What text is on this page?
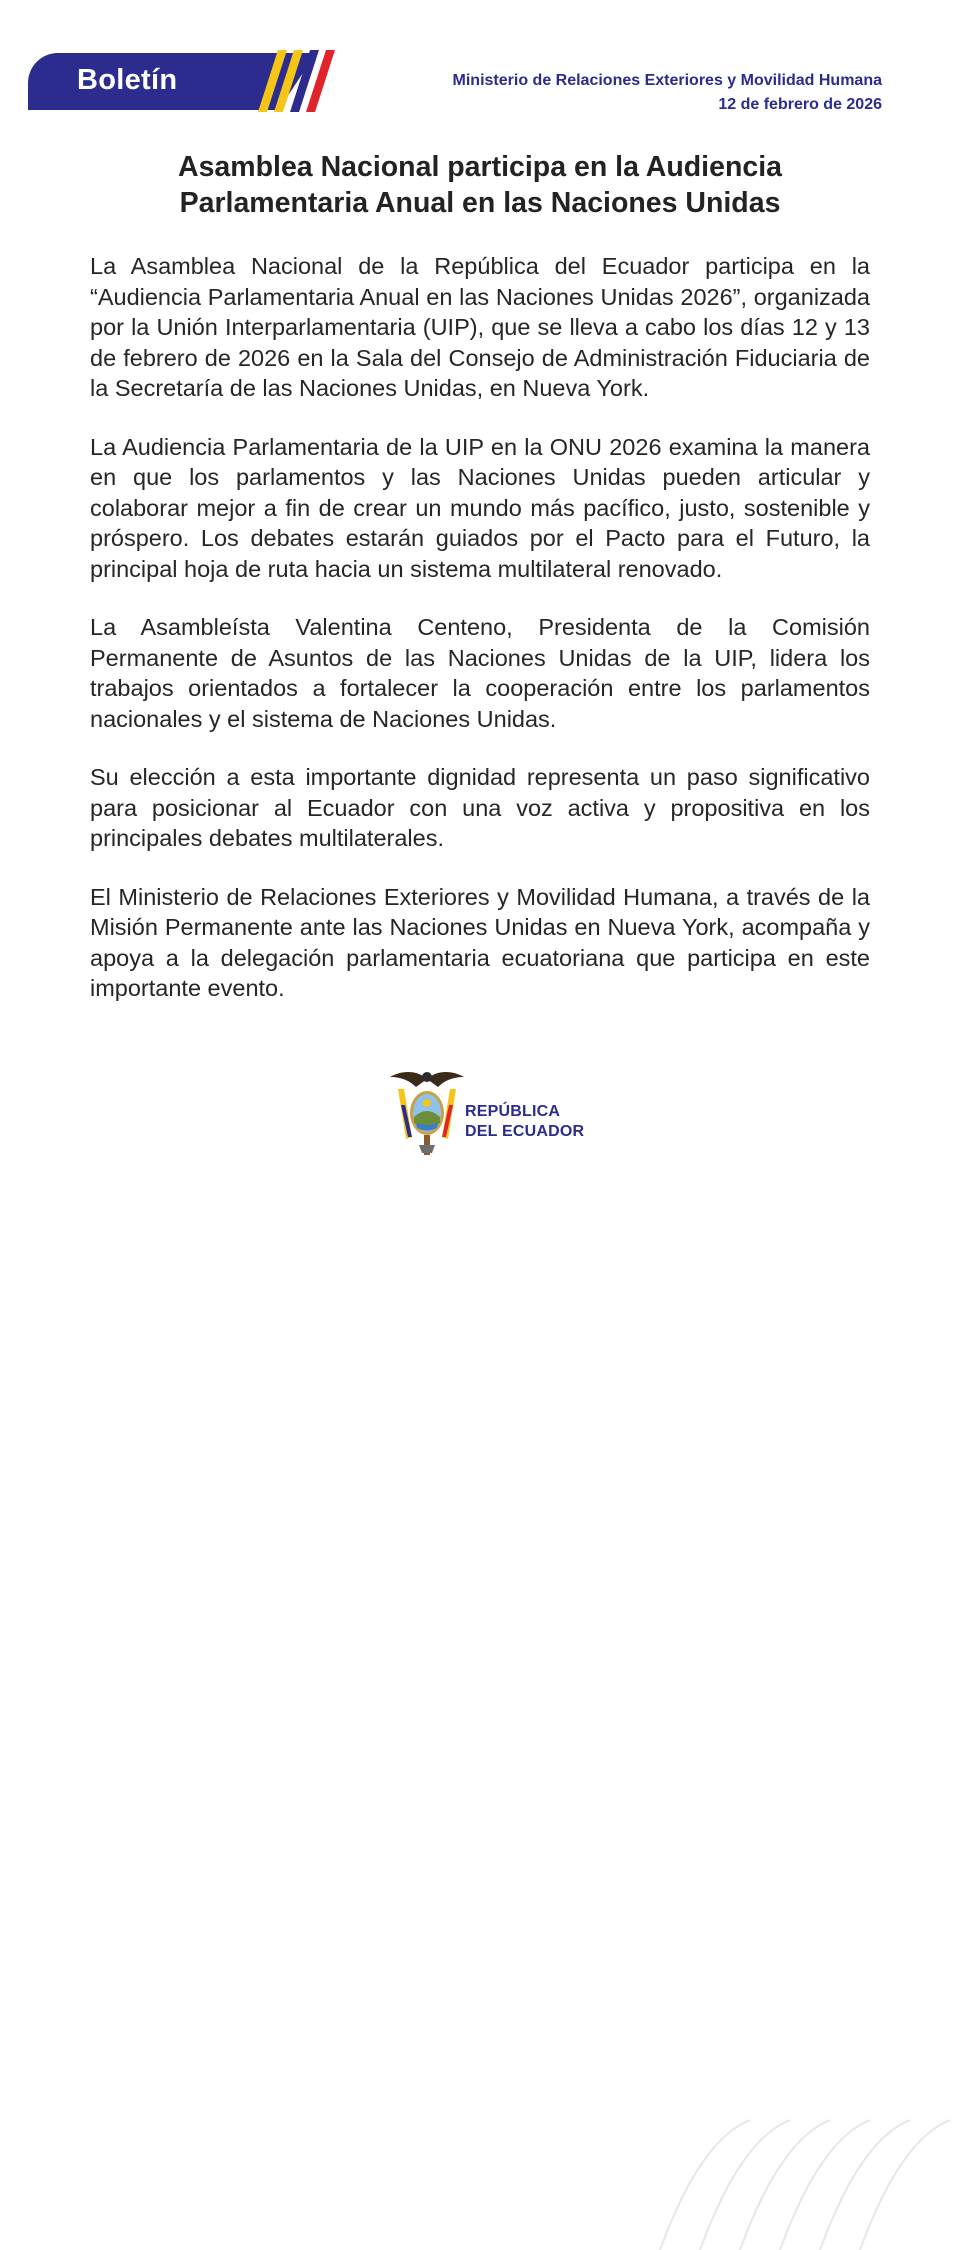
Boletín	Ministerio de Relaciones Exteriores y Movilidad Humana
12 de febrero de 2026
Asamblea Nacional participa en la Audiencia
Parlamentaria Anual en las Naciones Unidas

La Asamblea Nacional de la República del Ecuador participa en la “Audiencia Parlamentaria Anual en las Naciones Unidas 2026”, organizada por la Unión Interparlamentaria (UIP), que se lleva a cabo los días 12 y 13 de febrero de 2026 en la Sala del Consejo de Administración Fiduciaria de la Secretaría de las Naciones Unidas, en Nueva York.

La Audiencia Parlamentaria de la UIP en la ONU 2026 examina la manera en que los parlamentos y las Naciones Unidas pueden articular y colaborar mejor a fin de crear un mundo más pacífico, justo, sostenible y próspero. Los debates estarán guiados por el Pacto para el Futuro, la principal hoja de ruta hacia un sistema multilateral renovado.

La Asambleísta Valentina Centeno, Presidenta de la Comisión Permanente de Asuntos de las Naciones Unidas de la UIP, lidera los trabajos orientados a fortalecer la cooperación entre los parlamentos nacionales y el sistema de Naciones Unidas.

Su elección a esta importante dignidad representa un paso significativo para posicionar al Ecuador con una voz activa y propositiva en los principales debates multilaterales.

El Ministerio de Relaciones Exteriores y Movilidad Humana, a través de la Misión Permanente ante las Naciones Unidas en Nueva York, acompaña y apoya a la delegación parlamentaria ecuatoriana que participa en este importante evento.

REPÚBLICA
DEL ECUADOR
